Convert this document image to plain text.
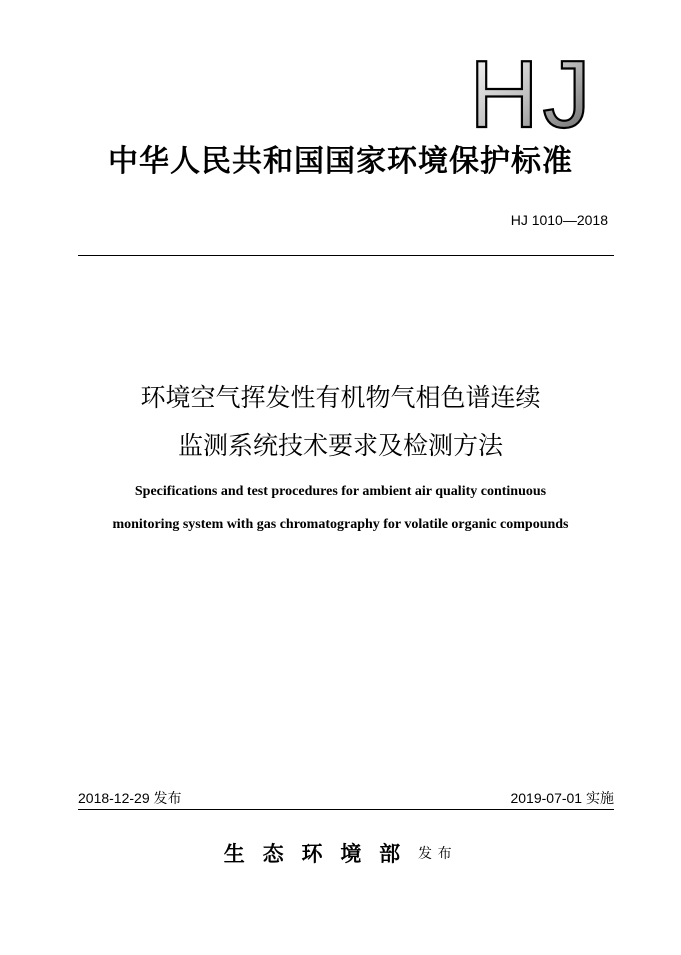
HJ
中华人民共和国国家环境保护标准
HJ 1010—2018
环境空气挥发性有机物气相色谱连续
监测系统技术要求及检测方法
Specifications and test procedures for ambient air quality continuous
monitoring system with gas chromatography for volatile organic compounds
2018-12-29 发布	2019-07-01 实施
生态环境部发布
